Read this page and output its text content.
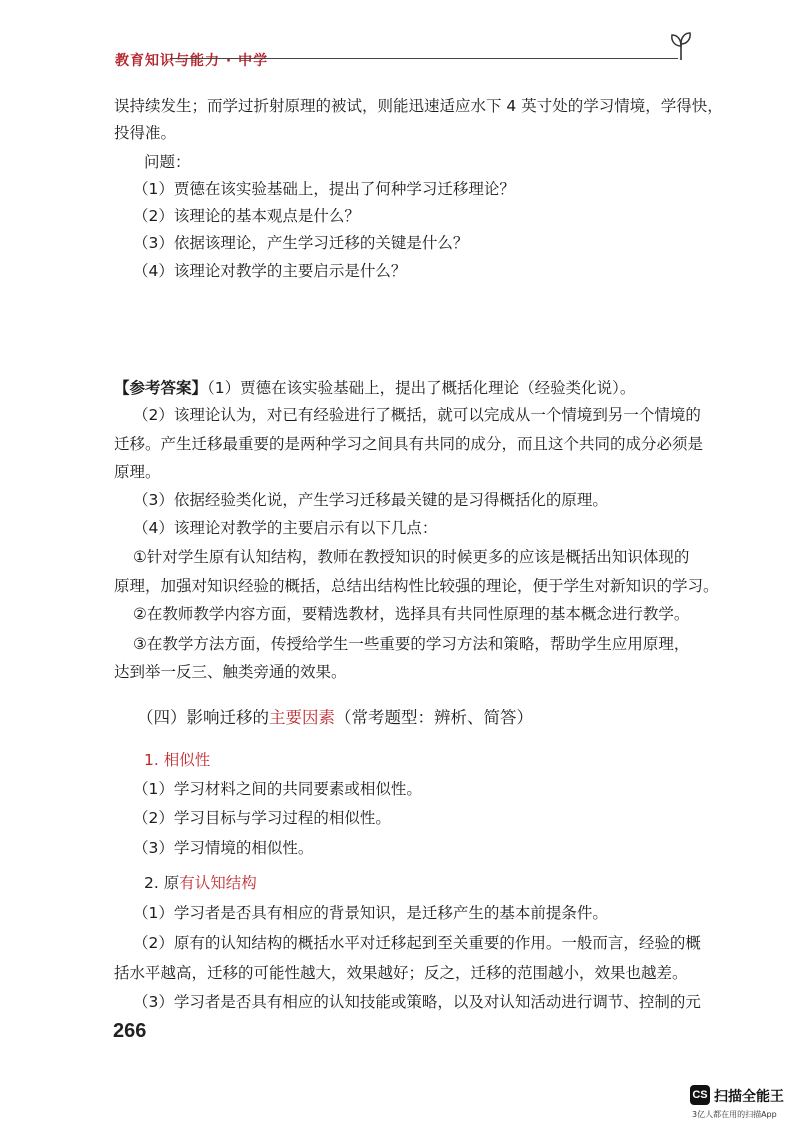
教育知识与能力 · 中学
误持续发生；而学过折射原理的被试，则能迅速适应水下 4 英寸处的学习情境，学得快，
投得准。
问题：
（1）贾德在该实验基础上，提出了何种学习迁移理论？
（2）该理论的基本观点是什么？
（3）依据该理论，产生学习迁移的关键是什么？
（4）该理论对教学的主要启示是什么？
【参考答案】（1）贾德在该实验基础上，提出了概括化理论（经验类化说）。
（2）该理论认为，对已有经验进行了概括，就可以完成从一个情境到另一个情境的
迁移。产生迁移最重要的是两种学习之间具有共同的成分，而且这个共同的成分必须是
原理。
（3）依据经验类化说，产生学习迁移最关键的是习得概括化的原理。
（4）该理论对教学的主要启示有以下几点：
①针对学生原有认知结构，教师在教授知识的时候更多的应该是概括出知识体现的
原理，加强对知识经验的概括，总结出结构性比较强的理论，便于学生对新知识的学习。
②在教师教学内容方面，要精选教材，选择具有共同性原理的基本概念进行教学。
③在教学方法方面，传授给学生一些重要的学习方法和策略，帮助学生应用原理，
达到举一反三、触类旁通的效果。
（四）影响迁移的主要因素（常考题型：辨析、简答）
1. 相似性
（1）学习材料之间的共同要素或相似性。
（2）学习目标与学习过程的相似性。
（3）学习情境的相似性。
2. 原有认知结构
（1）学习者是否具有相应的背景知识，是迁移产生的基本前提条件。
（2）原有的认知结构的概括水平对迁移起到至关重要的作用。一般而言，经验的概
括水平越高，迁移的可能性越大，效果越好；反之，迁移的范围越小，效果也越差。
（3）学习者是否具有相应的认知技能或策略，以及对认知活动进行调节、控制的元
266
CS 扫描全能王
3亿人都在用的扫描App
